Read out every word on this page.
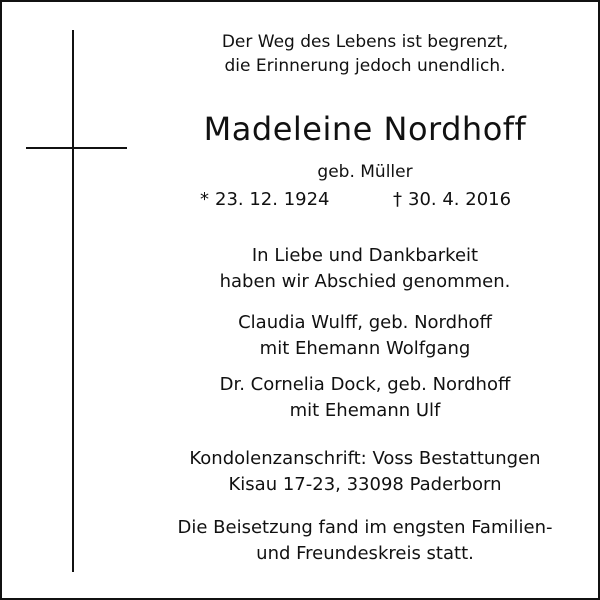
Der Weg des Lebens ist begrenzt,
die Erinnerung jedoch unendlich.
Madeleine Nordhoff
geb. Müller
* 23. 12. 1924	† 30. 4. 2016
In Liebe und Dankbarkeit
haben wir Abschied genommen.
Claudia Wulff, geb. Nordhoff
mit Ehemann Wolfgang
Dr. Cornelia Dock, geb. Nordhoff
mit Ehemann Ulf
Kondolenzanschrift: Voss Bestattungen
Kisau 17-23, 33098 Paderborn
Die Beisetzung fand im engsten Familien-
und Freundeskreis statt.
